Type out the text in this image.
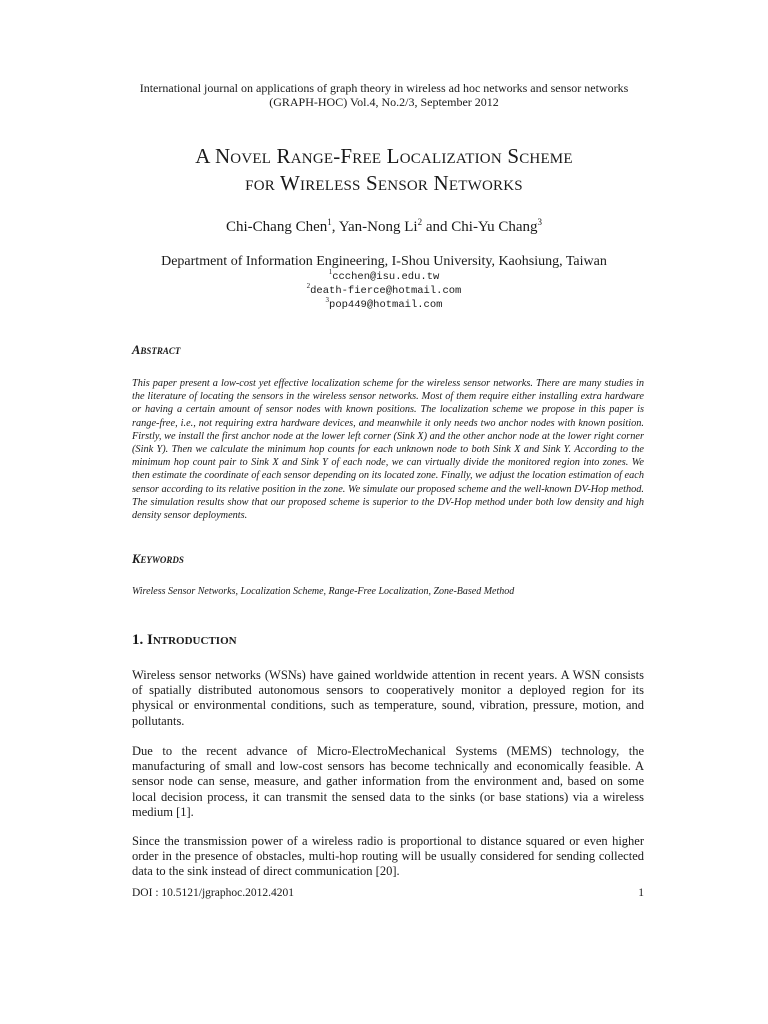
International journal on applications of graph theory in wireless ad hoc networks and sensor networks
(GRAPH-HOC) Vol.4, No.2/3, September 2012
A Novel Range-Free Localization Scheme
for Wireless Sensor Networks
Chi-Chang Chen$^1$, Yan-Nong Li$^2$ and Chi-Yu Chang$^3$
Department of Information Engineering, I-Shou University, Kaohsiung, Taiwan
$^1$ccchen@isu.edu.tw
$^2$death-fierce@hotmail.com
$^3$pop449@hotmail.com
Abstract
This paper present a low-cost yet effective localization scheme for the wireless sensor networks. There are many studies in the literature of locating the sensors in the wireless sensor networks. Most of them require either installing extra hardware or having a certain amount of sensor nodes with known positions. The localization scheme we propose in this paper is range-free, i.e., not requiring extra hardware devices, and meanwhile it only needs two anchor nodes with known position. Firstly, we install the first anchor node at the lower left corner (Sink X) and the other anchor node at the lower right corner (Sink Y). Then we calculate the minimum hop counts for each unknown node to both Sink X and Sink Y. According to the minimum hop count pair to Sink X and Sink Y of each node, we can virtually divide the monitored region into zones. We then estimate the coordinate of each sensor depending on its located zone. Finally, we adjust the location estimation of each sensor according to its relative position in the zone. We simulate our proposed scheme and the well-known DV-Hop method. The simulation results show that our proposed scheme is superior to the DV-Hop method under both low density and high density sensor deployments.
Keywords
Wireless Sensor Networks, Localization Scheme, Range-Free Localization, Zone-Based Method
1. Introduction
Wireless sensor networks (WSNs) have gained worldwide attention in recent years. A WSN consists of spatially distributed autonomous sensors to cooperatively monitor a deployed region for its physical or environmental conditions, such as temperature, sound, vibration, pressure, motion, and pollutants.
Due to the recent advance of Micro-ElectroMechanical Systems (MEMS) technology, the manufacturing of small and low-cost sensors has become technically and economically feasible. A sensor node can sense, measure, and gather information from the environment and, based on some local decision process, it can transmit the sensed data to the sinks (or base stations) via a wireless medium [1].
Since the transmission power of a wireless radio is proportional to distance squared or even higher order in the presence of obstacles, multi-hop routing will be usually considered for sending collected data to the sink instead of direct communication [20].
DOI : 10.5121/jgraphoc.2012.4201	1
